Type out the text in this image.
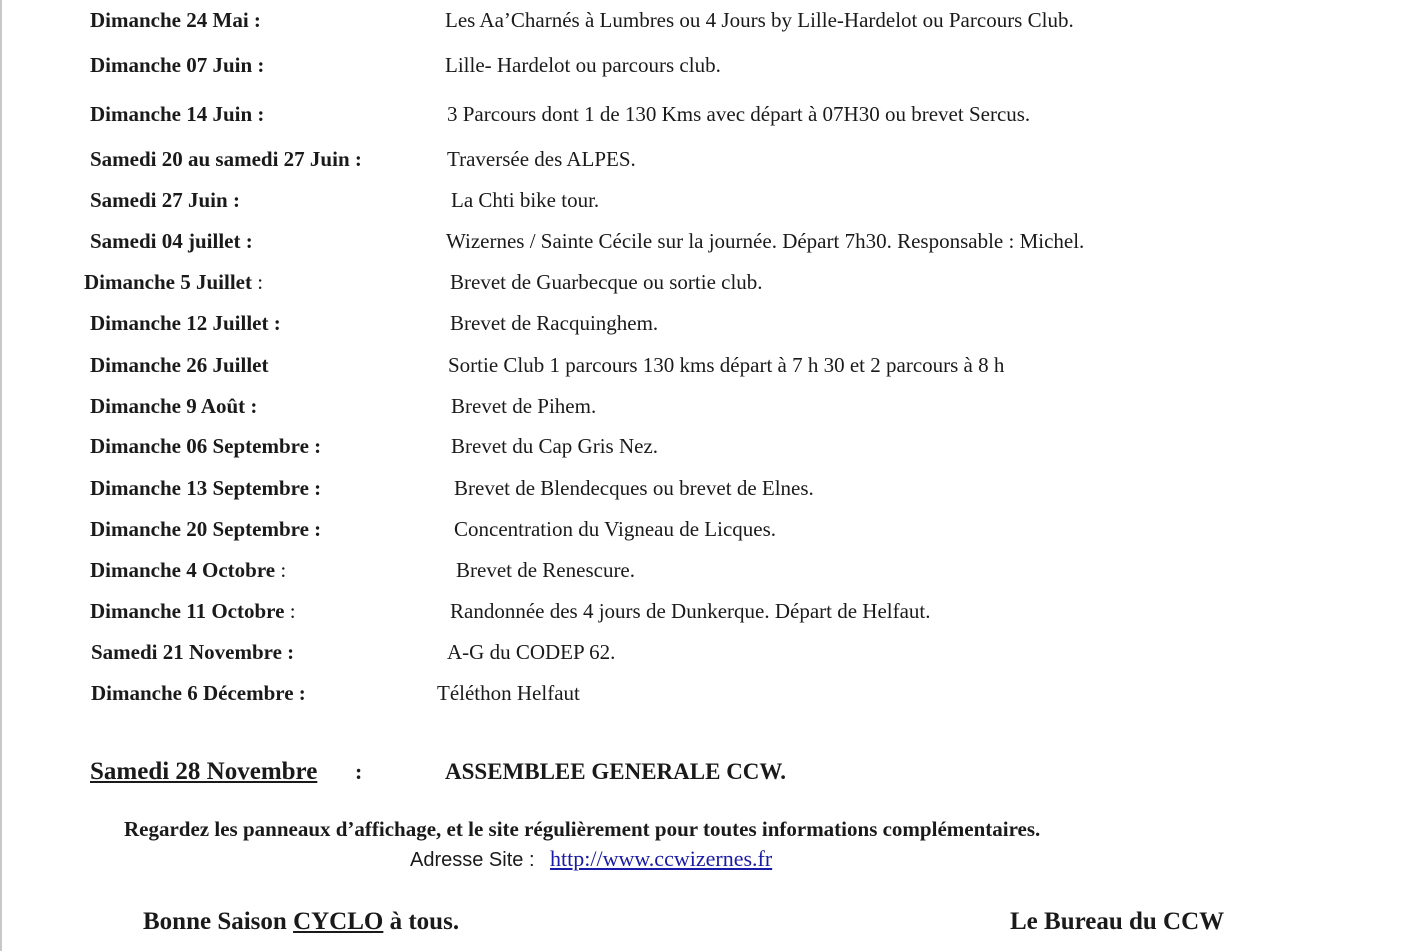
Dimanche 24 Mai :	Les Aa’Charnés à Lumbres ou 4 Jours by Lille-Hardelot ou Parcours Club.
Dimanche 07 Juin :	Lille- Hardelot ou parcours club.
Dimanche 14 Juin :	3 Parcours dont 1 de 130 Kms avec départ à 07H30 ou brevet Sercus.
Samedi 20 au samedi 27 Juin :	Traversée des ALPES.
Samedi 27 Juin :	La Chti bike tour.
Samedi 04 juillet :	Wizernes / Sainte Cécile sur la journée. Départ 7h30. Responsable : Michel.
Dimanche 5 Juillet :	Brevet de Guarbecque ou sortie club.
Dimanche 12 Juillet :	Brevet de Racquinghem.
Dimanche 26 Juillet	Sortie Club 1 parcours 130 kms départ à 7 h 30 et 2 parcours à 8 h
Dimanche 9 Août :	Brevet de Pihem.
Dimanche 06 Septembre :	Brevet du Cap Gris Nez.
Dimanche 13 Septembre :	Brevet de Blendecques ou brevet de Elnes.
Dimanche 20 Septembre :	Concentration du Vigneau de Licques.
Dimanche 4 Octobre :	Brevet de Renescure.
Dimanche 11 Octobre :	Randonnée des 4 jours de Dunkerque. Départ de Helfaut.
Samedi 21 Novembre :	A-G du CODEP 62.
Dimanche 6 Décembre :	Téléthon Helfaut
Samedi 28 Novembre :	ASSEMBLEE GENERALE CCW.
Regardez les panneaux d’affichage, et le site régulièrement pour toutes informations complémentaires.
Adresse Site : http://www.ccwizernes.fr
Bonne Saison CYCLO à tous.	Le Bureau du CCW
